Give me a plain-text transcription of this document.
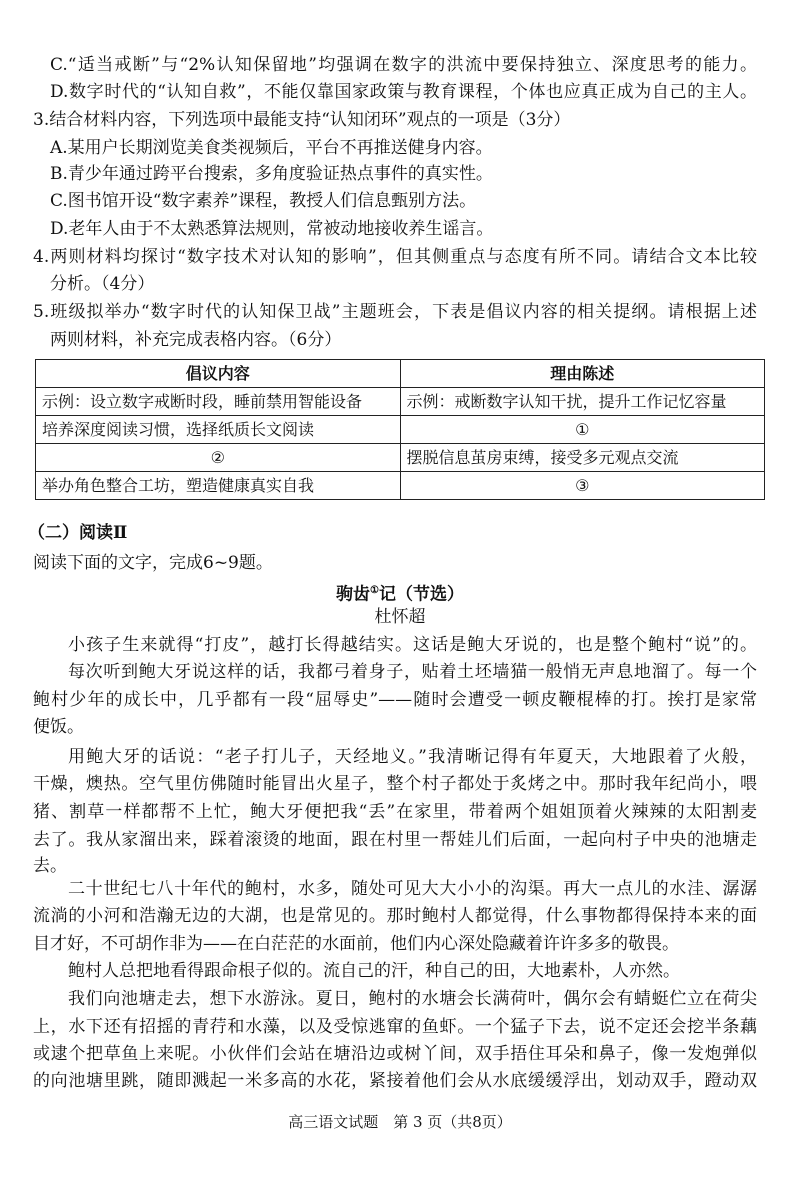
C.“适当戒断”与“2%认知保留地”均强调在数字的洪流中要保持独立、深度思考的能力。
D.数字时代的“认知自救”，不能仅靠国家政策与教育课程，个体也应真正成为自己的主人。
3.结合材料内容，下列选项中最能支持“认知闭环”观点的一项是（3分）
A.某用户长期浏览美食类视频后，平台不再推送健身内容。
B.青少年通过跨平台搜索，多角度验证热点事件的真实性。
C.图书馆开设“数字素养”课程，教授人们信息甄别方法。
D.老年人由于不太熟悉算法规则，常被动地接收养生谣言。
4.两则材料均探讨“数字技术对认知的影响”，但其侧重点与态度有所不同。请结合文本比较
分析。（4分）
5.班级拟举办“数字时代的认知保卫战”主题班会，下表是倡议内容的相关提纲。请根据上述
两则材料，补充完成表格内容。（6分）
倡议内容	理由陈述
示例：设立数字戒断时段，睡前禁用智能设备	示例：戒断数字认知干扰，提升工作记忆容量
培养深度阅读习惯，选择纸质长文阅读	①
②	摆脱信息茧房束缚，接受多元观点交流
举办角色整合工坊，塑造健康真实自我	③
（二）阅读Ⅱ
阅读下面的文字，完成6~9题。
驹齿①记（节选）
杜怀超
小孩子生来就得“打皮”，越打长得越结实。这话是鲍大牙说的，也是整个鲍村“说”的。
每次听到鲍大牙说这样的话，我都弓着身子，贴着土坯墙猫一般悄无声息地溜了。每一个
鲍村少年的成长中，几乎都有一段“屈辱史”——随时会遭受一顿皮鞭棍棒的打。挨打是家常
便饭。
用鲍大牙的话说：“老子打儿子，天经地义。”我清晰记得有年夏天，大地跟着了火般，
干燥，燠热。空气里仿佛随时能冒出火星子，整个村子都处于炙烤之中。那时我年纪尚小，喂
猪、割草一样都帮不上忙，鲍大牙便把我“丢”在家里，带着两个姐姐顶着火辣辣的太阳割麦
去了。我从家溜出来，踩着滚烫的地面，跟在村里一帮娃儿们后面，一起向村子中央的池塘走
去。
二十世纪七八十年代的鲍村，水多，随处可见大大小小的沟渠。再大一点儿的水洼、潺潺
流淌的小河和浩瀚无边的大湖，也是常见的。那时鲍村人都觉得，什么事物都得保持本来的面
目才好，不可胡作非为——在白茫茫的水面前，他们内心深处隐藏着许许多多的敬畏。
鲍村人总把地看得跟命根子似的。流自己的汗，种自己的田，大地素朴，人亦然。
我们向池塘走去，想下水游泳。夏日，鲍村的水塘会长满荷叶，偶尔会有蜻蜓伫立在荷尖
上，水下还有招摇的青荇和水藻，以及受惊逃窜的鱼虾。一个猛子下去，说不定还会挖半条藕
或逮个把草鱼上来呢。小伙伴们会站在塘沿边或树丫间，双手捂住耳朵和鼻子，像一发炮弹似
的向池塘里跳，随即溅起一米多高的水花，紧接着他们会从水底缓缓浮出，划动双手，蹬动双
高三语文试题　第 3 页（共8页）
